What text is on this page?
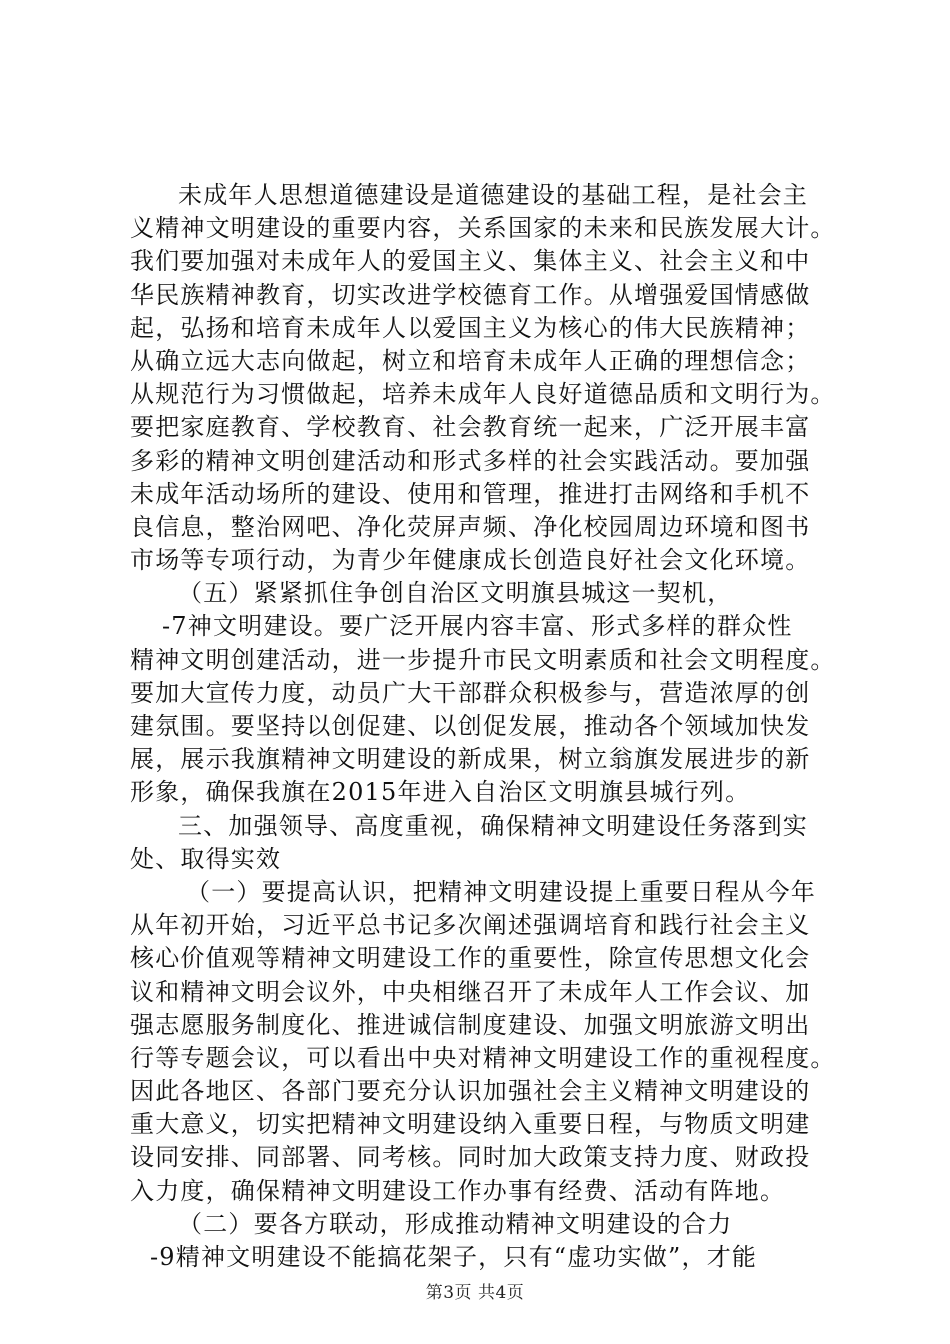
未成年人思想道德建设是道德建设的基础工程，是社会主
义精神文明建设的重要内容，关系国家的未来和民族发展大计。
我们要加强对未成年人的爱国主义、集体主义、社会主义和中
华民族精神教育，切实改进学校德育工作。从增强爱国情感做
起，弘扬和培育未成年人以爱国主义为核心的伟大民族精神；
从确立远大志向做起，树立和培育未成年人正确的理想信念；
从规范行为习惯做起，培养未成年人良好道德品质和文明行为。
要把家庭教育、学校教育、社会教育统一起来，广泛开展丰富
多彩的精神文明创建活动和形式多样的社会实践活动。要加强
未成年活动场所的建设、使用和管理，推进打击网络和手机不
良信息，整治网吧、净化荧屏声频、净化校园周边环境和图书
市场等专项行动，为青少年健康成长创造良好社会文化环境。
（五）紧紧抓住争创自治区文明旗县城这一契机，
-7神文明建设。要广泛开展内容丰富、形式多样的群众性
精神文明创建活动，进一步提升市民文明素质和社会文明程度。
要加大宣传力度，动员广大干部群众积极参与，营造浓厚的创
建氛围。要坚持以创促建、以创促发展，推动各个领域加快发
展，展示我旗精神文明建设的新成果，树立翁旗发展进步的新
形象，确保我旗在2015年进入自治区文明旗县城行列。
三、加强领导、高度重视，确保精神文明建设任务落到实
处、取得实效
（一）要提高认识，把精神文明建设提上重要日程从今年
从年初开始，习近平总书记多次阐述强调培育和践行社会主义
核心价值观等精神文明建设工作的重要性，除宣传思想文化会
议和精神文明会议外，中央相继召开了未成年人工作会议、加
强志愿服务制度化、推进诚信制度建设、加强文明旅游文明出
行等专题会议，可以看出中央对精神文明建设工作的重视程度。
因此各地区、各部门要充分认识加强社会主义精神文明建设的
重大意义，切实把精神文明建设纳入重要日程，与物质文明建
设同安排、同部署、同考核。同时加大政策支持力度、财政投
入力度，确保精神文明建设工作办事有经费、活动有阵地。
（二）要各方联动，形成推动精神文明建设的合力
-9精神文明建设不能搞花架子，只有“虚功实做”，才能
第3页 共4页
